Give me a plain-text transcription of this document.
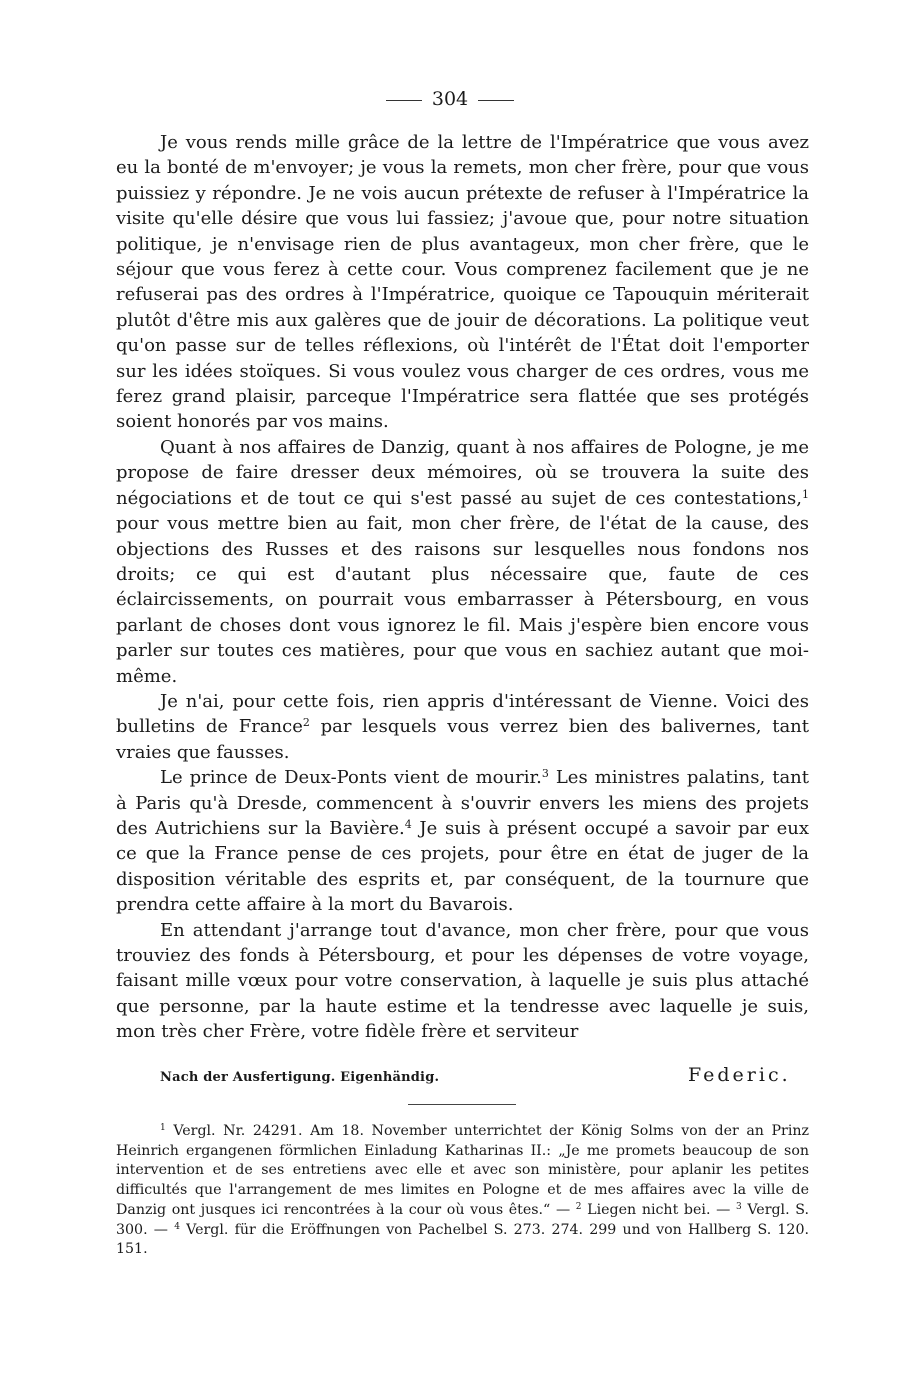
304

Je vous rends mille grâce de la lettre de l'Impératrice que vous avez eu la bonté de m'envoyer; je vous la remets, mon cher frère, pour que vous puissiez y répondre. Je ne vois aucun prétexte de refuser à l'Impératrice la visite qu'elle désire que vous lui fassiez; j'avoue que, pour notre situation politique, je n'envisage rien de plus avantageux, mon cher frère, que le séjour que vous ferez à cette cour. Vous comprenez facilement que je ne refuserai pas des ordres à l'Impératrice, quoique ce Tapouquin mériterait plutôt d'être mis aux galères que de jouir de décorations. La politique veut qu'on passe sur de telles réflexions, où l'intérêt de l'État doit l'emporter sur les idées stoïques. Si vous voulez vous charger de ces ordres, vous me ferez grand plaisir, parceque l'Impératrice sera flattée que ses protégés soient honorés par vos mains.

Quant à nos affaires de Danzig, quant à nos affaires de Pologne, je me propose de faire dresser deux mémoires, où se trouvera la suite des négociations et de tout ce qui s'est passé au sujet de ces contestations,$^1$ pour vous mettre bien au fait, mon cher frère, de l'état de la cause, des objections des Russes et des raisons sur lesquelles nous fondons nos droits; ce qui est d'autant plus nécessaire que, faute de ces éclaircissements, on pourrait vous embarrasser à Pétersbourg, en vous parlant de choses dont vous ignorez le fil. Mais j'espère bien encore vous parler sur toutes ces matières, pour que vous en sachiez autant que moi-même.

Je n'ai, pour cette fois, rien appris d'intéressant de Vienne. Voici des bulletins de France$^2$ par lesquels vous verrez bien des balivernes, tant vraies que fausses.

Le prince de Deux-Ponts vient de mourir.$^3$ Les ministres palatins, tant à Paris qu'à Dresde, commencent à s'ouvrir envers les miens des projets des Autrichiens sur la Bavière.$^4$ Je suis à présent occupé a savoir par eux ce que la France pense de ces projets, pour être en état de juger de la disposition véritable des esprits et, par conséquent, de la tournure que prendra cette affaire à la mort du Bavarois.

En attendant j'arrange tout d'avance, mon cher frère, pour que vous trouviez des fonds à Pétersbourg, et pour les dépenses de votre voyage, faisant mille vœux pour votre conservation, à laquelle je suis plus attaché que personne, par la haute estime et la tendresse avec laquelle je suis, mon très cher Frère, votre fidèle frère et serviteur

Nach der Ausfertigung. Eigenhändig.	Federic.

$^1$ Vergl. Nr. 24291. Am 18. November unterrichtet der König Solms von der an Prinz Heinrich ergangenen förmlichen Einladung Katharinas II.: „Je me promets beaucoup de son intervention et de ses entretiens avec elle et avec son ministère, pour aplanir les petites difficultés que l'arrangement de mes limites en Pologne et de mes affaires avec la ville de Danzig ont jusques ici rencontrées à la cour où vous êtes.“ — $^2$ Liegen nicht bei. — $^3$ Vergl. S. 300. — $^4$ Vergl. für die Eröffnungen von Pachelbel S. 273. 274. 299 und von Hallberg S. 120. 151.
